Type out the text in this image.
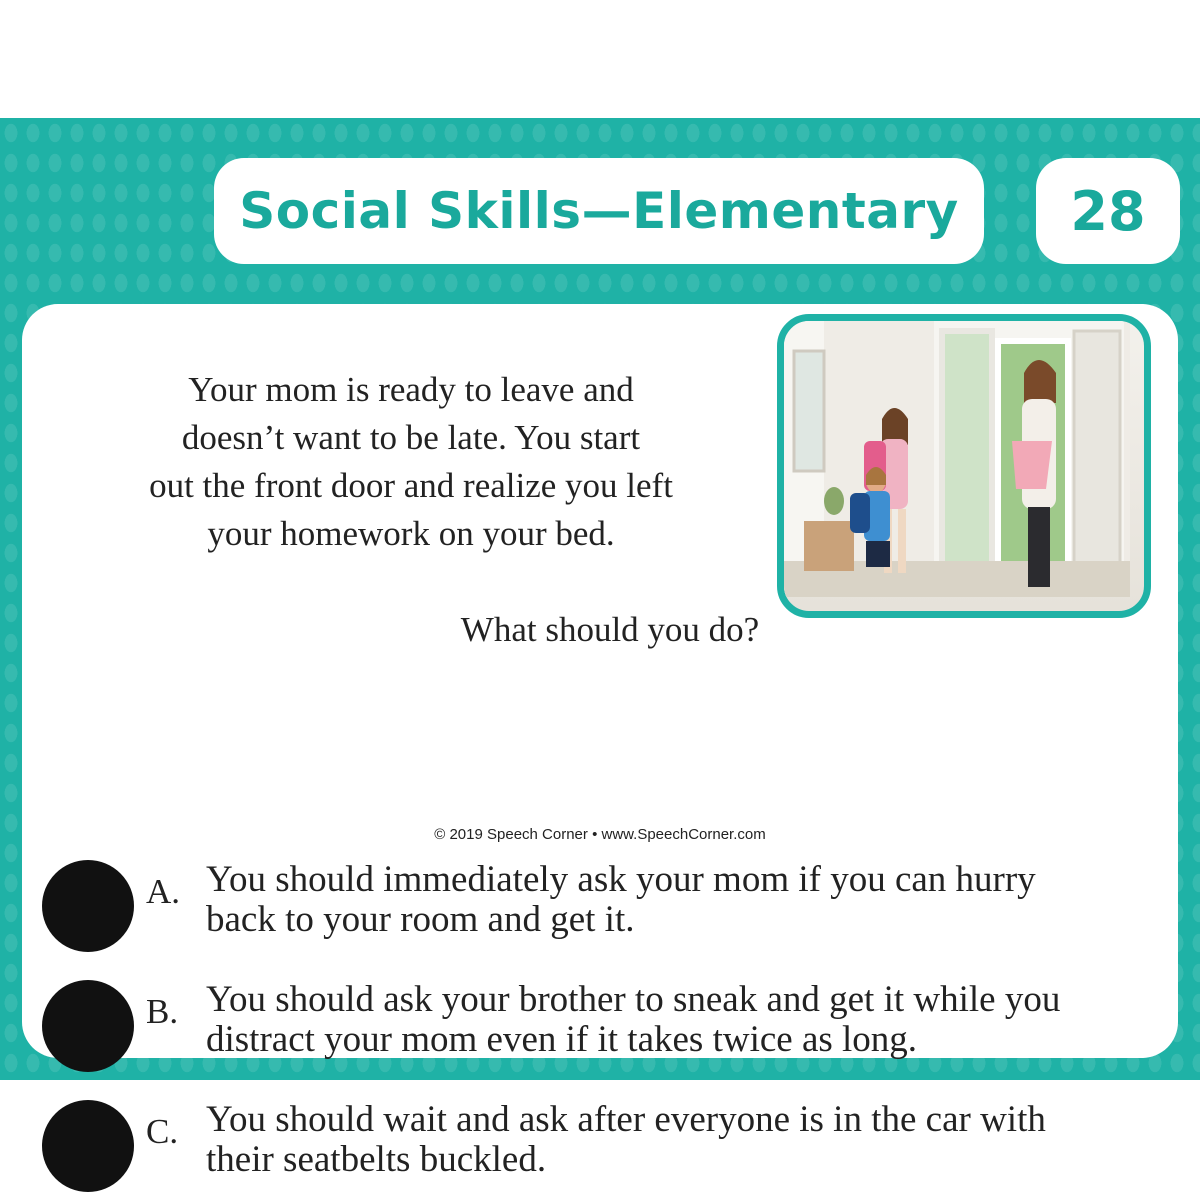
Social Skills—Elementary 28
Your mom is ready to leave and
doesn’t want to be late. You start
out the front door and realize you left
your homework on your bed.
What should you do?
A. You should immediately ask your mom if you can hurry
back to your room and get it.
B. You should ask your brother to sneak and get it while you
distract your mom even if it takes twice as long.
C. You should wait and ask after everyone is in the car with
their seatbelts buckled.
© 2019 Speech Corner • www.SpeechCorner.com
